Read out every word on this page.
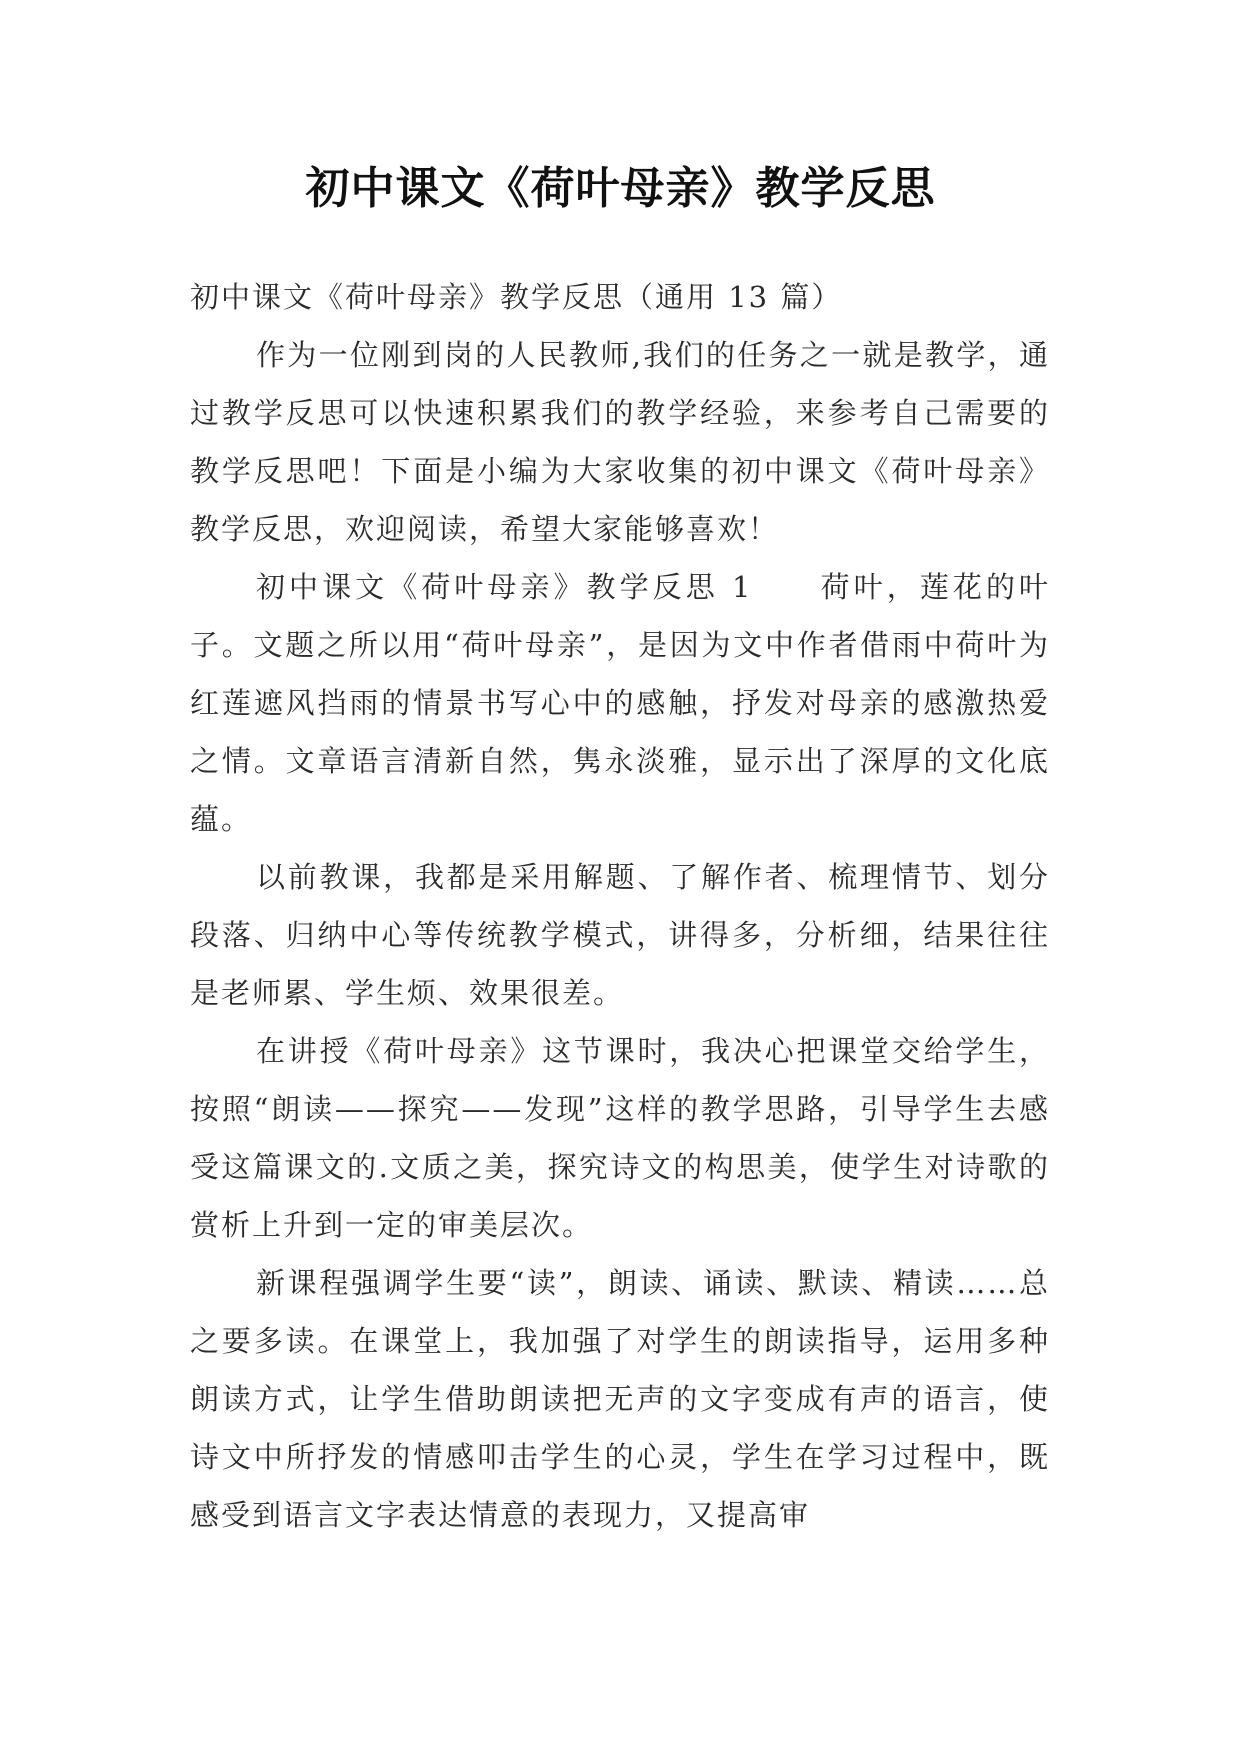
初中课文《荷叶母亲》教学反思

初中课文《荷叶母亲》教学反思（通用 13 篇）

作为一位刚到岗的人民教师,我们的任务之一就是教学，通过教学反思可以快速积累我们的教学经验，来参考自己需要的教学反思吧！下面是小编为大家收集的初中课文《荷叶母亲》教学反思，欢迎阅读，希望大家能够喜欢！

初中课文《荷叶母亲》教学反思 1　　荷叶，莲花的叶子。文题之所以用“荷叶母亲”，是因为文中作者借雨中荷叶为红莲遮风挡雨的情景书写心中的感触，抒发对母亲的感激热爱之情。文章语言清新自然，隽永淡雅，显示出了深厚的文化底蕴。

以前教课，我都是采用解题、了解作者、梳理情节、划分段落、归纳中心等传统教学模式，讲得多，分析细，结果往往是老师累、学生烦、效果很差。

在讲授《荷叶母亲》这节课时，我决心把课堂交给学生，按照“朗读——探究——发现”这样的教学思路，引导学生去感受这篇课文的.文质之美，探究诗文的构思美，使学生对诗歌的赏析上升到一定的审美层次。

新课程强调学生要“读”，朗读、诵读、默读、精读……总之要多读。在课堂上，我加强了对学生的朗读指导，运用多种朗读方式，让学生借助朗读把无声的文字变成有声的语言，使诗文中所抒发的情感叩击学生的心灵，学生在学习过程中，既感受到语言文字表达情意的表现力，又提高审
